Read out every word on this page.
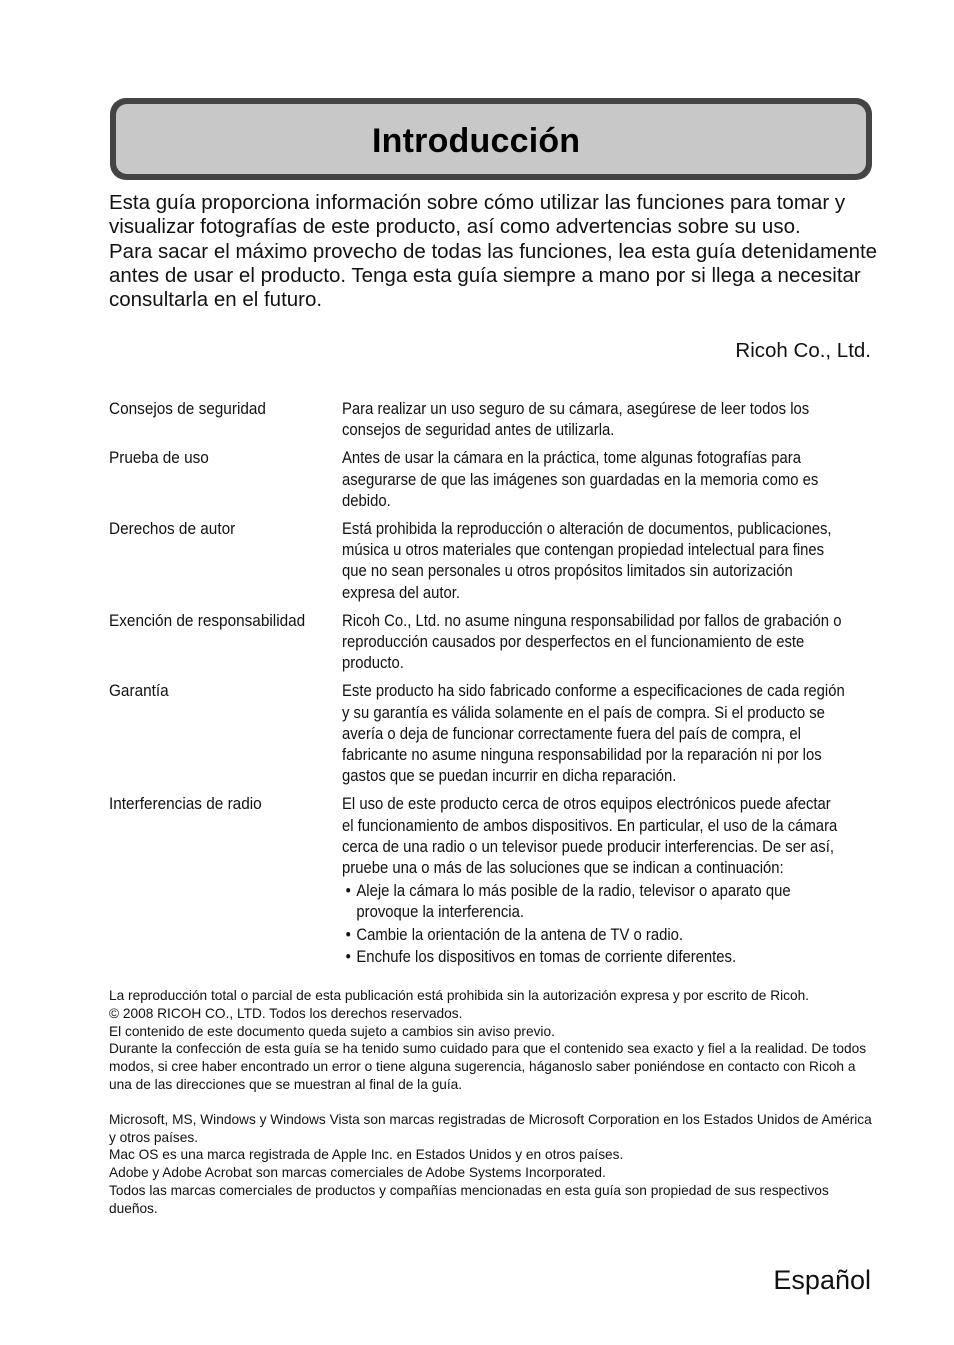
Introducción

Esta guía proporciona información sobre cómo utilizar las funciones para tomar y visualizar fotografías de este producto, así como advertencias sobre su uso.

Para sacar el máximo provecho de todas las funciones, lea esta guía detenidamente antes de usar el producto. Tenga esta guía siempre a mano por si llega a necesitar consultarla en el futuro.

Ricoh Co., Ltd.
Consejos de seguridad	Para realizar un uso seguro de su cámara, asegúrese de leer todos los consejos de seguridad antes de utilizarla.
Prueba de uso	Antes de usar la cámara en la práctica, tome algunas fotografías para asegurarse de que las imágenes son guardadas en la memoria como es debido.
Derechos de autor	Está prohibida la reproducción o alteración de documentos, publicaciones, música u otros materiales que contengan propiedad intelectual para fines que no sean personales u otros propósitos limitados sin autorización expresa del autor.
Exención de responsabilidad	Ricoh Co., Ltd. no asume ninguna responsabilidad por fallos de grabación o reproducción causados por desperfectos en el funcionamiento de este producto.
Garantía	Este producto ha sido fabricado conforme a especificaciones de cada región y su garantía es válida solamente en el país de compra. Si el producto se avería o deja de funcionar correctamente fuera del país de compra, el fabricante no asume ninguna responsabilidad por la reparación ni por los gastos que se puedan incurrir en dicha reparación.
Interferencias de radio	El uso de este producto cerca de otros equipos electrónicos puede afectar el funcionamiento de ambos dispositivos. En particular, el uso de la cámara cerca de una radio o un televisor puede producir interferencias. De ser así, pruebe una o más de las soluciones que se indican a continuación:

• Aleje la cámara lo más posible de la radio, televisor o aparato que provoque la interferencia.
• Cambie la orientación de la antena de TV o radio.
• Enchufe los dispositivos en tomas de corriente diferentes.

La reproducción total o parcial de esta publicación está prohibida sin la autorización expresa y por escrito de Ricoh.

© 2008 RICOH CO., LTD. Todos los derechos reservados.

El contenido de este documento queda sujeto a cambios sin aviso previo.

Durante la confección de esta guía se ha tenido sumo cuidado para que el contenido sea exacto y fiel a la realidad. De todos modos, si cree haber encontrado un error o tiene alguna sugerencia, háganoslo saber poniéndose en contacto con Ricoh a una de las direcciones que se muestran al final de la guía.

Microsoft, MS, Windows y Windows Vista son marcas registradas de Microsoft Corporation en los Estados Unidos de América y otros países.

Mac OS es una marca registrada de Apple Inc. en Estados Unidos y en otros países.

Adobe y Adobe Acrobat son marcas comerciales de Adobe Systems Incorporated.

Todos las marcas comerciales de productos y compañías mencionadas en esta guía son propiedad de sus respectivos dueños.

Español
